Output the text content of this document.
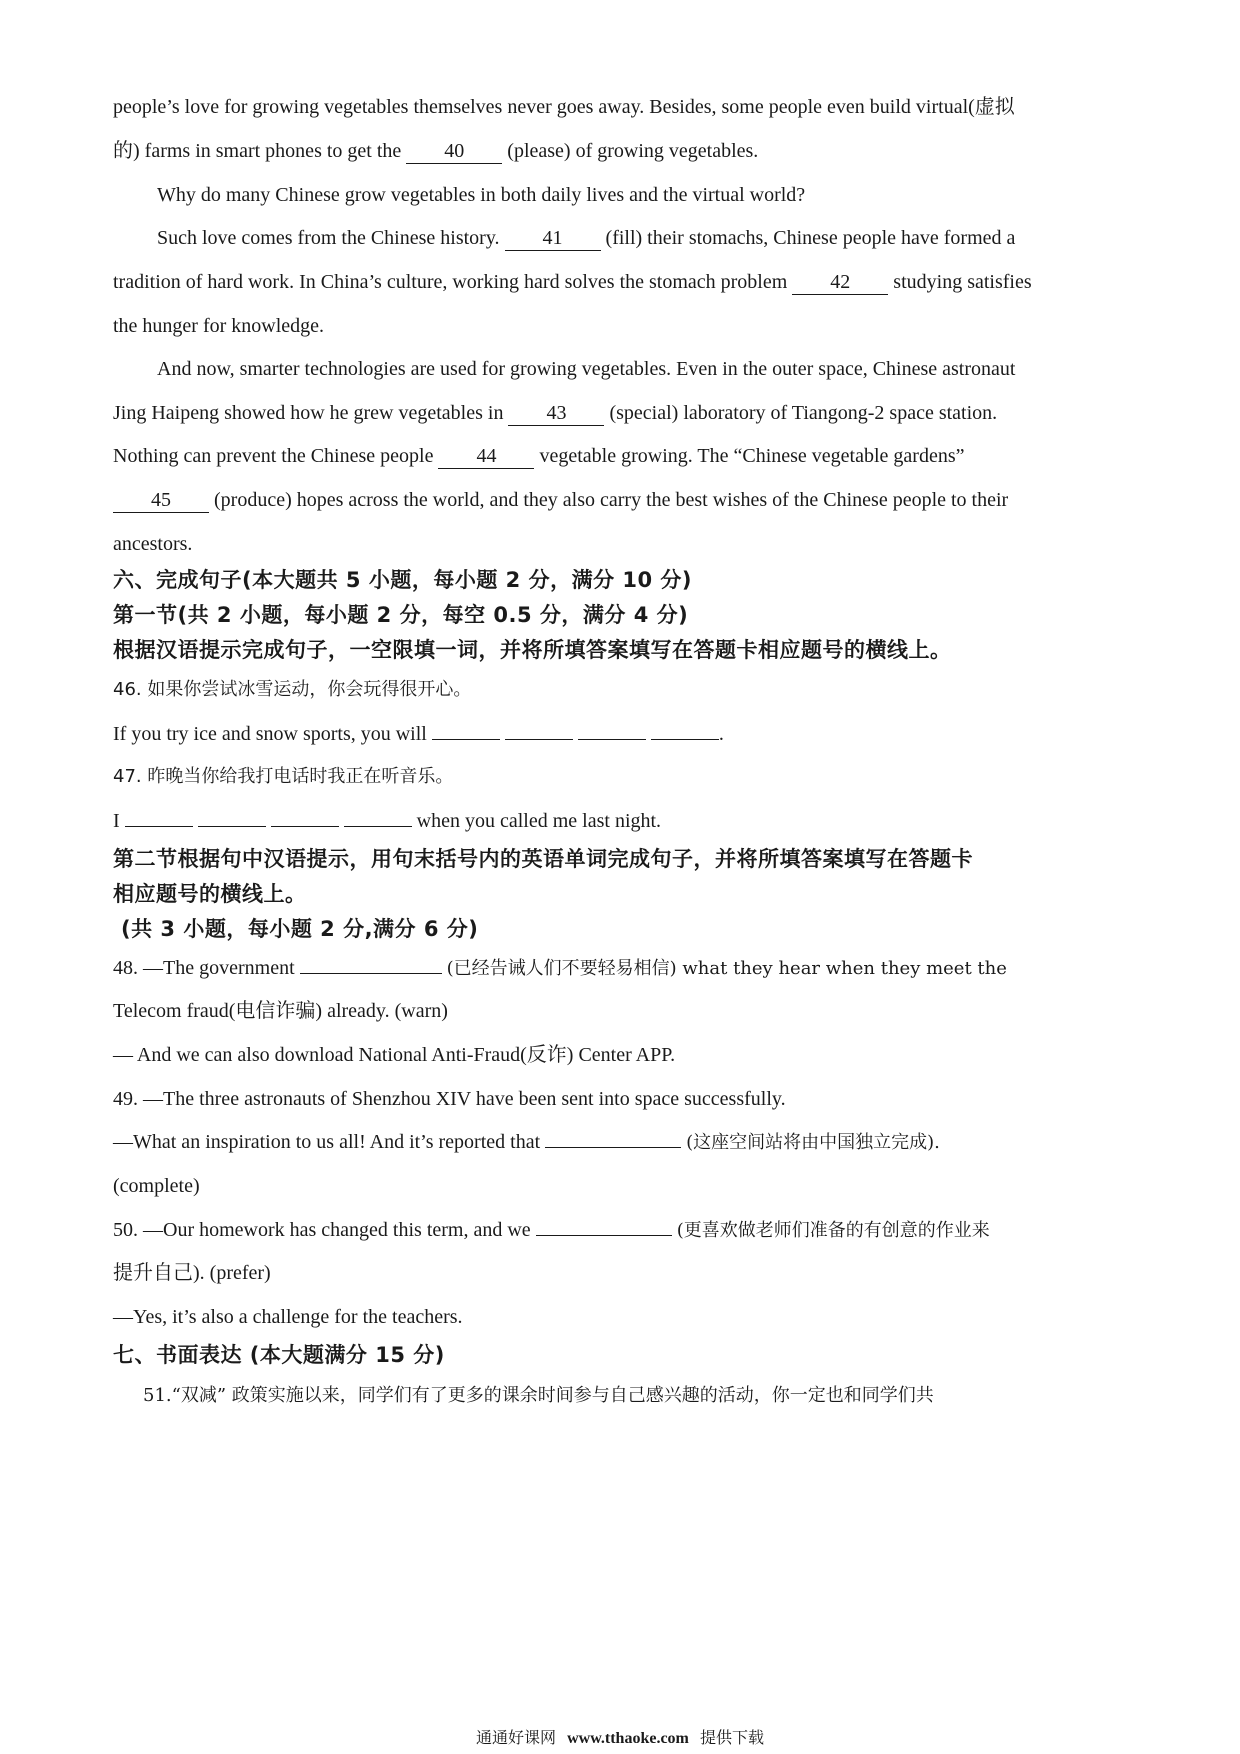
people’s love for growing vegetables themselves never goes away. Besides, some people even build virtual(虚拟
的) farms in smart phones to get the 40 (please) of growing vegetables.
Why do many Chinese grow vegetables in both daily lives and the virtual world?
Such love comes from the Chinese history. 41 (fill) their stomachs, Chinese people have formed a
tradition of hard work. In China’s culture, working hard solves the stomach problem 42 studying satisfies
the hunger for knowledge.
And now, smarter technologies are used for growing vegetables. Even in the outer space, Chinese astronaut
Jing Haipeng showed how he grew vegetables in 43 (special) laboratory of Tiangong-2 space station.
Nothing can prevent the Chinese people 44 vegetable growing. The “Chinese vegetable gardens”
45 (produce) hopes across the world, and they also carry the best wishes of the Chinese people to their
ancestors.
六、完成句子(本大题共 5 小题，每小题 2 分，满分 10 分)
第一节(共 2 小题，每小题 2 分，每空 0.5 分，满分 4 分)
根据汉语提示完成句子，一空限填一词，并将所填答案填写在答题卡相应题号的横线上。
46. 如果你尝试冰雪运动，你会玩得很开心。
If you try ice and snow sports, you will	.
47. 昨晚当你给我打电话时我正在听音乐。
I	when you called me last night.
第二节根据句中汉语提示，用句末括号内的英语单词完成句子，并将所填答案填写在答题卡
相应题号的横线上。
(共 3 小题，每小题 2 分,满分 6 分)
48. —The government	(已经告诫人们不要轻易相信) what they hear when they meet the
Telecom fraud(电信诈骗) already. (warn)
— And we can also download National Anti-Fraud(反诈) Center APP.
49. —The three astronauts of Shenzhou XIV have been sent into space successfully.
—What an inspiration to us all! And it’s reported that	(这座空间站将由中国独立完成).
(complete)
50. —Our homework has changed this term, and we	(更喜欢做老师们准备的有创意的作业来
提升自己). (prefer)
—Yes, it’s also a challenge for the teachers.
七、书面表达 (本大题满分 15 分)
51.“双减” 政策实施以来，同学们有了更多的课余时间参与自己感兴趣的活动，你一定也和同学们共
通通好课网 www.tthaoke.com 提供下载
